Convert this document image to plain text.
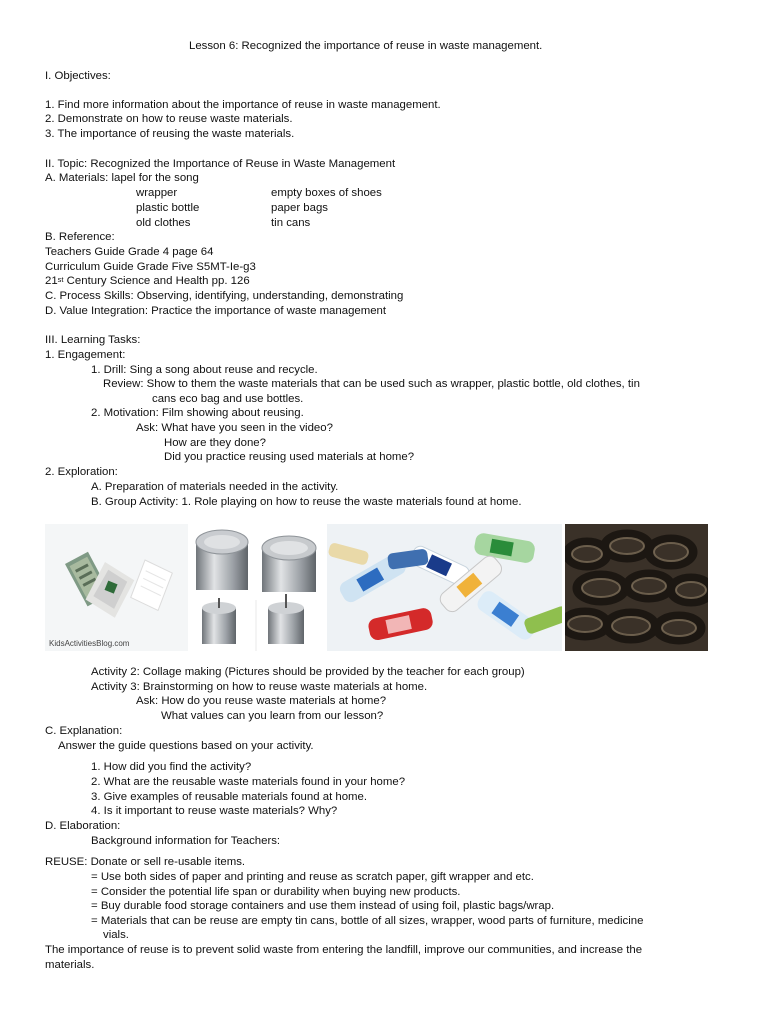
Lesson 6: Recognized the importance of reuse in waste management.
I. Objectives:
1. Find more information about the importance of reuse in waste management.
2. Demonstrate on how to reuse waste materials.
3. The importance of reusing the waste materials.
II. Topic: Recognized the Importance of Reuse in Waste Management
A. Materials: lapel for the song
wrapper
plastic bottle
old clothes
empty boxes of shoes
paper bags
tin cans
B. Reference:
Teachers Guide Grade 4 page 64
Curriculum Guide Grade Five S5MT-Ie-g3
21st Century Science and Health pp. 126
C. Process Skills: Observing, identifying, understanding, demonstrating
D. Value Integration: Practice the importance of waste management
III. Learning Tasks:
1. Engagement:
1. Drill: Sing a song about reuse and recycle.
Review: Show to them the waste materials that can be used such as wrapper, plastic bottle, old clothes, tin
cans eco bag and use bottles.
2. Motivation: Film showing about reusing.
Ask: What have you seen in the video?
How are they done?
Did you practice reusing used materials at home?
2. Exploration:
A. Preparation of materials needed in the activity.
B. Group Activity: 1. Role playing on how to reuse the waste materials found at home.
KidsActivitiesBlog.com
Activity 2: Collage making (Pictures should be provided by the teacher for each group)
Activity 3: Brainstorming on how to reuse waste materials at home.
Ask: How do you reuse waste materials at home?
What values can you learn from our lesson?
C. Explanation:
Answer the guide questions based on your activity.
1. How did you find the activity?
2. What are the reusable waste materials found in your home?
3. Give examples of reusable materials found at home.
4. Is it important to reuse waste materials? Why?
D. Elaboration:
Background information for Teachers:
REUSE: Donate or sell re-usable items.
= Use both sides of paper and printing and reuse as scratch paper, gift wrapper and etc.
= Consider the potential life span or durability when buying new products.
= Buy durable food storage containers and use them instead of using foil, plastic bags/wrap.
= Materials that can be reuse are empty tin cans, bottle of all sizes, wrapper, wood parts of furniture, medicine
vials.
The importance of reuse is to prevent solid waste from entering the landfill, improve our communities, and increase the
materials.
